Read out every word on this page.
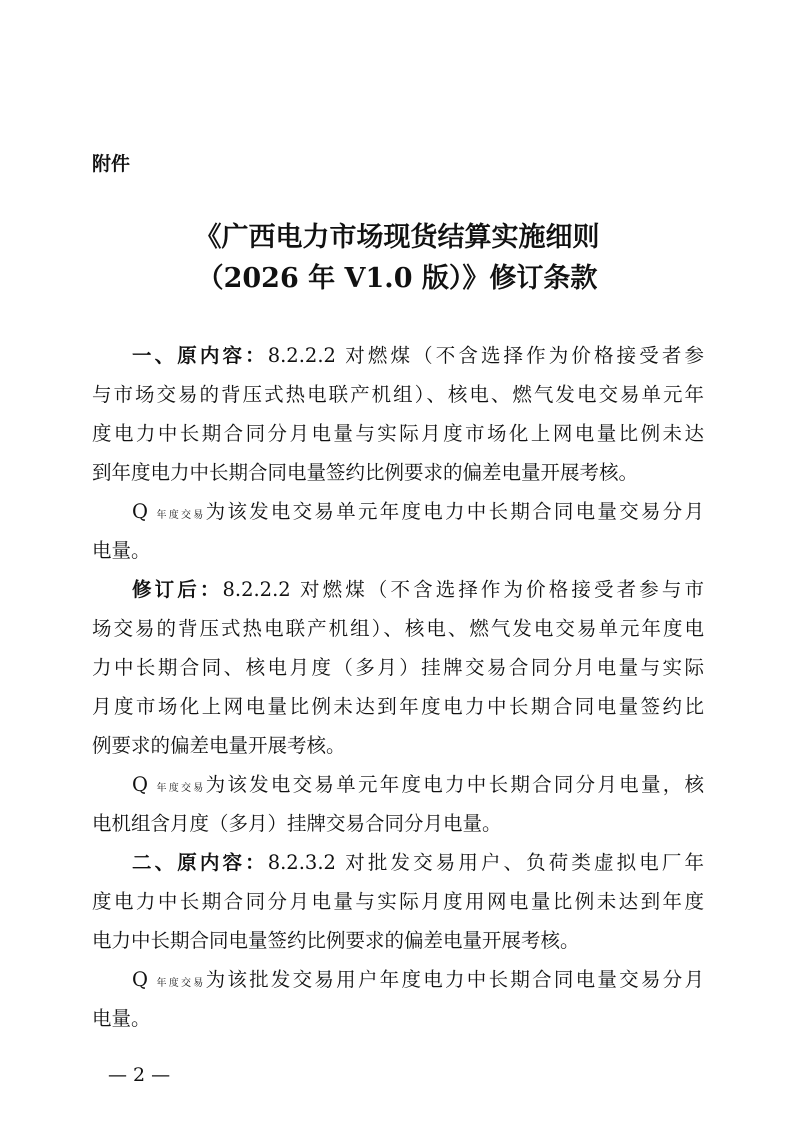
附件
《广西电力市场现货结算实施细则
（2026 年 V1.0 版）》修订条款
一、原内容：8.2.2.2 对燃煤（不含选择作为价格接受者参
与市场交易的背压式热电联产机组）、核电、燃气发电交易单元年
度电力中长期合同分月电量与实际月度市场化上网电量比例未达
到年度电力中长期合同电量签约比例要求的偏差电量开展考核。
Q 年度交易为该发电交易单元年度电力中长期合同电量交易分月
电量。
修订后：8.2.2.2 对燃煤（不含选择作为价格接受者参与市
场交易的背压式热电联产机组）、核电、燃气发电交易单元年度电
力中长期合同、核电月度（多月）挂牌交易合同分月电量与实际
月度市场化上网电量比例未达到年度电力中长期合同电量签约比
例要求的偏差电量开展考核。
Q 年度交易为该发电交易单元年度电力中长期合同分月电量，核
电机组含月度（多月）挂牌交易合同分月电量。
二、原内容：8.2.3.2 对批发交易用户、负荷类虚拟电厂年
度电力中长期合同分月电量与实际月度用网电量比例未达到年度
电力中长期合同电量签约比例要求的偏差电量开展考核。
Q 年度交易为该批发交易用户年度电力中长期合同电量交易分月
电量。
— 2 —
